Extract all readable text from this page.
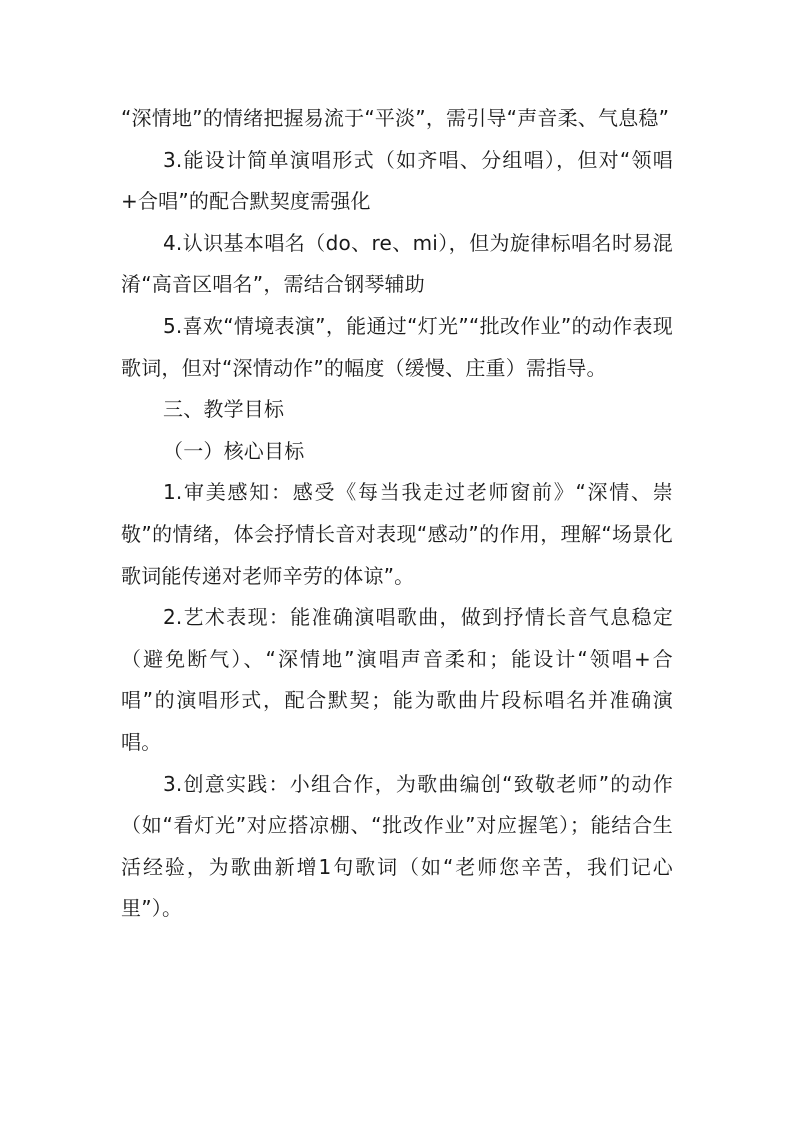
“深情地”的情绪把握易流于“平淡”，需引导“声音柔、气息稳”

3.能设计简单演唱形式（如齐唱、分组唱），但对“领唱+合唱”的配合默契度需强化

4.认识基本唱名（do、re、mi），但为旋律标唱名时易混淆“高音区唱名”，需结合钢琴辅助

5.喜欢“情境表演”，能通过“灯光”“批改作业”的动作表现歌词，但对“深情动作”的幅度（缓慢、庄重）需指导。

三、教学目标

（一）核心目标

1.审美感知：感受《每当我走过老师窗前》“深情、崇敬”的情绪，体会抒情长音对表现“感动”的作用，理解“场景化歌词能传递对老师辛劳的体谅”。

2.艺术表现：能准确演唱歌曲，做到抒情长音气息稳定（避免断气）、“深情地”演唱声音柔和；能设计“领唱+合唱”的演唱形式，配合默契；能为歌曲片段标唱名并准确演唱。

3.创意实践：小组合作，为歌曲编创“致敬老师”的动作（如“看灯光”对应搭凉棚、“批改作业”对应握笔）；能结合生活经验，为歌曲新增1句歌词（如“老师您辛苦，我们记心里”）。
